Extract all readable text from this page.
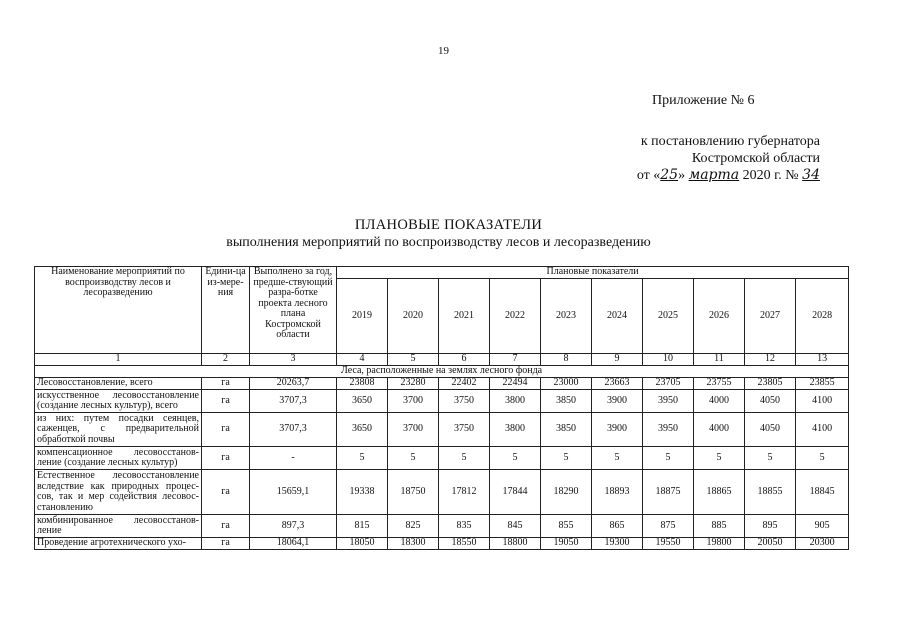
19
Приложение № 6
к постановлению губернатора
Костромской области
от «25» марта 2020 г. № 34
ПЛАНОВЫЕ ПОКАЗАТЕЛИ
выполнения мероприятий по воспроизводству лесов и лесоразведению
Наименование мероприятий по воспроизводству лесов и лесоразведению	Едини-ца из-мере-ния	Выполнено за год, предше-ствующий разра-ботке проекта лесного плана Костромской области	Плановые показатели									
			2019	2020	2021	2022	2023	2024	2025	2026	2027	2028
1	2	3	4	5	6	7	8	9	10	11	12	13
Леса, расположенные на землях лесного фонда												
Лесовосстановление, всего	га	20263,7	23808	23280	22402	22494	23000	23663	23705	23755	23805	23855
искусственное лесовосстановление (создание лесных культур), всего	га	3707,3	3650	3700	3750	3800	3850	3900	3950	4000	4050	4100
из них: путем посадки сеянцев, саженцев, с предварительной обработкой почвы	га	3707,3	3650	3700	3750	3800	3850	3900	3950	4000	4050	4100
компенсационное лесовосстанов-ление (создание лесных культур)	га	-	5	5	5	5	5	5	5	5	5	5
Естественное лесовосстановление вследствие как природных процес-сов, так и мер содействия лесовос-становлению	га	15659,1	19338	18750	17812	17844	18290	18893	18875	18865	18855	18845
комбинированное лесовосстанов-ление	га	897,3	815	825	835	845	855	865	875	885	895	905
Проведение агротехнического ухо-	га	18064,1	18050	18300	18550	18800	19050	19300	19550	19800	20050	20300
